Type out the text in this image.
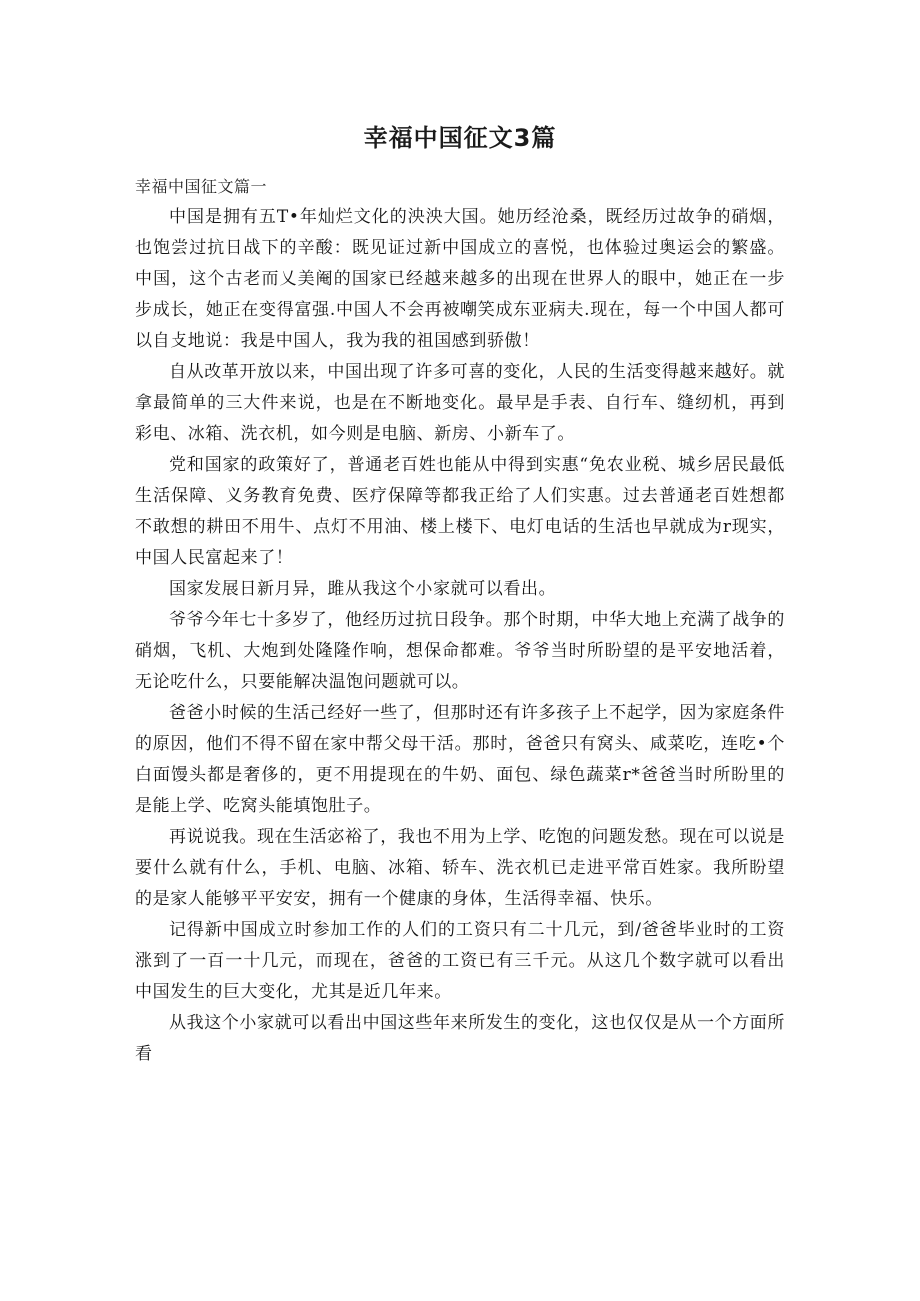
幸福中国征文3篇
幸福中国征文篇一

中国是拥有五T•年灿烂文化的泱泱大国。她历经沧桑，既经历过故争的硝烟，也饱尝过抗日战下的辛酸：既见证过新中国成立的喜悦，也体验过奥运会的繁盛。中国，这个古老而乂美阉的国家已经越来越多的出现在世界人的眼中，她正在一步步成长，她正在变得富强.中国人不会再被嘲笑成东亚病夫.现在，每一个中国人都可以自攴地说：我是中国人，我为我的祖国感到骄傲！

自从改革开放以来，中国出现了许多可喜的变化，人民的生活变得越来越好。就拿最简单的三大件来说，也是在不断地变化。最早是手表、自行车、缝纫机，再到彩电、冰箱、洗衣机，如今则是电脑、新房、小新车了。

党和国家的政策好了，普通老百姓也能从中得到实惠“免农业税、城乡居民最低生活保障、义务教育免费、医疗保障等都我正给了人们实惠。过去普通老百姓想都不敢想的耕田不用牛、点灯不用油、楼上楼下、电灯电话的生活也早就成为r现实，中国人民富起来了！

国家发展日新月异，雎从我这个小家就可以看出。

爷爷今年七十多岁了，他经历过抗日段争。那个时期，中华大地上充满了战争的硝烟，飞机、大炮到处隆隆作响，想保命都难。爷爷当时所盼望的是平安地活着，无论吃什么，只要能解决温饱问题就可以。

爸爸小时候的生活己经好一些了，但那时还有许多孩子上不起学，因为家庭条件的原因，他们不得不留在家中帮父母干活。那时，爸爸只有窝头、咸菜吃，连吃•个白面馒头都是奢侈的，更不用提现在的牛奶、面包、绿色蔬菜r*爸爸当时所盼里的是能上学、吃窝头能填饱肚子。

再说说我。现在生活宓裕了，我也不用为上学、吃饱的问题发愁。现在可以说是要什么就有什么，手机、电脑、冰箱、轿车、洗衣机已走进平常百姓家。我所盼望的是家人能够平平安安，拥有一个健康的身体，生活得幸福、快乐。

记得新中国成立时参加工作的人们的工资只有二十几元，到/爸爸毕业时的工资涨到了一百一十几元，而现在，爸爸的工资已有三千元。从这几个数字就可以看出中国发生的巨大变化，尤其是近几年来。

从我这个小家就可以看出中国这些年来所发生的变化，这也仅仅是从一个方面所看
